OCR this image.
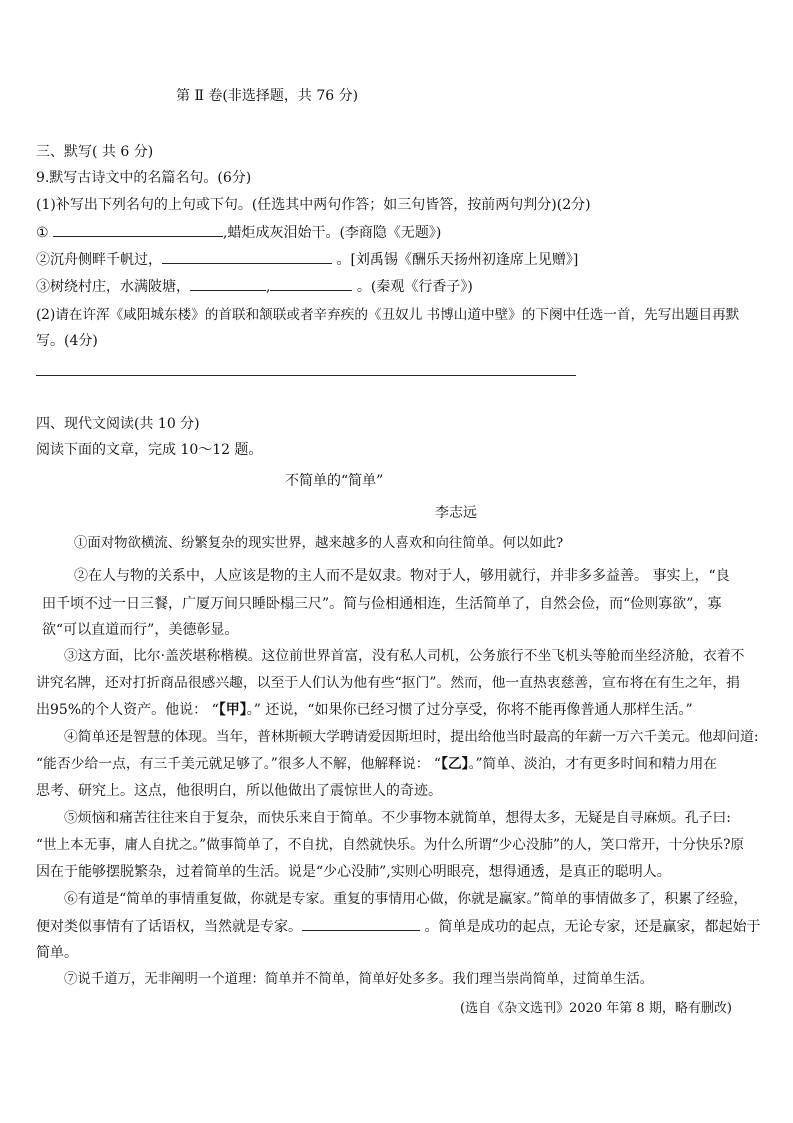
第 Ⅱ 卷(非选择题，共 76 分)
三、默写( 共 6 分)
9.默写古诗文中的名篇名句。(6分)
(1)补写出下列名句的上句或下句。(任选其中两句作答；如三句皆答，按前两句判分)(2分)
①	,蜡炬成灰泪始干。(李商隐《无题》)
②沉舟侧畔千帆过，	。[刘禹锡《酬乐天扬州初逢席上见赠》]
③树绕村庄，水满陂塘，	,	。(秦观《行香子》)
(2)请在许浑《咸阳城东楼》的首联和颔联或者辛弃疾的《丑奴儿 书博山道中壁》的下阕中任选一首，先写出题目再默
写。(4分)
四、现代文阅读(共 10 分)
阅读下面的文章，完成 10～12 题。
不简单的“简单”
李志远
①面对物欲横流、纷繁复杂的现实世界，越来越多的人喜欢和向往简单。何以如此?
②在人与物的关系中，人应该是物的主人而不是奴隶。物对于人，够用就行，并非多多益善。 事实上，“良
田千顷不过一日三餐，广厦万间只睡卧榻三尺”。简与俭相通相连，生活简单了，自然会俭，而“俭则寡欲”，寡
欲“可以直道而行”，美德彰显。
③这方面，比尔·盖茨堪称楷模。这位前世界首富，没有私人司机，公务旅行不坐飞机头等舱而坐经济舱，衣着不
讲究名牌，还对打折商品很感兴趣，以至于人们认为他有些“抠门”。然而，他一直热衷慈善，宣布将在有生之年，捐
出95%的个人资产。他说： “【甲】。” 还说，“如果你已经习惯了过分享受，你将不能再像普通人那样生活。”
④简单还是智慧的体现。当年，普林斯顿大学聘请爱因斯坦时，提出给他当时最高的年薪一万六千美元。他却问道:
“能否少给一点，有三千美元就足够了。”很多人不解，他解释说： “【乙】。”简单、淡泊，才有更多时间和精力用在
思考、研究上。这点，他很明白，所以他做出了震惊世人的奇迹。
⑤烦恼和痛苦往往来自于复杂，而快乐来自于简单。不少事物本就简单，想得太多，无疑是自寻麻烦。孔子曰:
“世上本无事，庸人自扰之。”做事简单了，不自扰，自然就快乐。为什么所谓“少心没肺”的人，笑口常开，十分快乐?原
因在于能够摆脱繁杂，过着简单的生活。说是“少心没肺”,实则心明眼亮，想得通透，是真正的聪明人。
⑥有道是“简单的事情重复做，你就是专家。重复的事情用心做，你就是赢家。”简单的事情做多了，积累了经验，
便对类似事情有了话语权，当然就是专家。	。简单是成功的起点，无论专家，还是赢家，都起始于
简单。
⑦说千道万，无非阐明一个道理：简单并不简单，简单好处多多。我们理当崇尚简单，过简单生活。
(选自《杂文选刊》2020 年第 8 期，略有删改)
